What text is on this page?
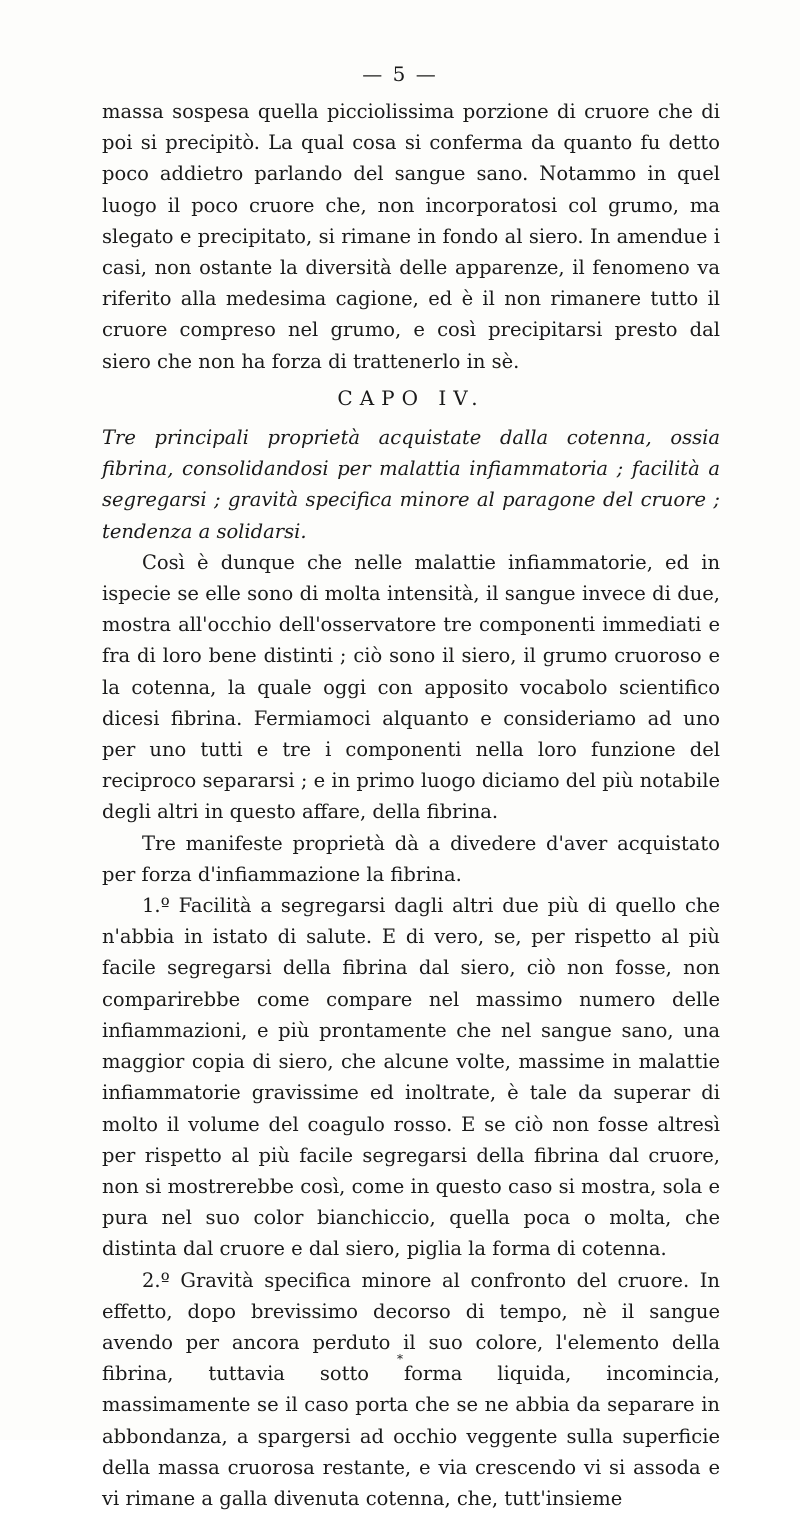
— 5 —

massa sospesa quella picciolissima porzione di cruore che di poi si precipitò. La qual cosa si conferma da quanto fu detto poco addietro parlando del sangue sano. Notammo in quel luogo il poco cruore che, non incorporatosi col grumo, ma slegato e precipitato, si rimane in fondo al siero. In amendue i casi, non ostante la diversità delle apparenze, il fenomeno va riferito alla medesima cagione, ed è il non rimanere tutto il cruore compreso nel grumo, e così precipitarsi presto dal siero che non ha forza di trattenerlo in sè.

CAPO IV.

Tre principali proprietà acquistate dalla cotenna, ossia fibrina, consolidandosi per malattia infiammatoria ; facilità a segregarsi ; gravità specifica minore al paragone del cruore ; tendenza a solidarsi.

Così è dunque che nelle malattie infiammatorie, ed in ispecie se elle sono di molta intensità, il sangue invece di due, mostra all'occhio dell'osservatore tre componenti immediati e fra di loro bene distinti ; ciò sono il siero, il grumo cruoroso e la cotenna, la quale oggi con apposito vocabolo scientifico dicesi fibrina. Fermiamoci alquanto e consideriamo ad uno per uno tutti e tre i componenti nella loro funzione del reciproco separarsi ; e in primo luogo diciamo del più notabile degli altri in questo affare, della fibrina.

Tre manifeste proprietà dà a divedere d'aver acquistato per forza d'infiammazione la fibrina.

1.º Facilità a segregarsi dagli altri due più di quello che n'abbia in istato di salute. E di vero, se, per rispetto al più facile segregarsi della fibrina dal siero, ciò non fosse, non comparirebbe come compare nel massimo numero delle infiammazioni, e più prontamente che nel sangue sano, una maggior copia di siero, che alcune volte, massime in malattie infiammatorie gravissime ed inoltrate, è tale da superar di molto il volume del coagulo rosso. E se ciò non fosse altresì per rispetto al più facile segregarsi della fibrina dal cruore, non si mostrerebbe così, come in questo caso si mostra, sola e pura nel suo color bianchiccio, quella poca o molta, che distinta dal cruore e dal siero, piglia la forma di cotenna.

2.º Gravità specifica minore al confronto del cruore. In effetto, dopo brevissimo decorso di tempo, nè il sangue avendo per ancora perduto il suo colore, l'elemento della fibrina, tuttavia sotto forma liquida, incomincia, massimamente se il caso porta che se ne abbia da separare in abbondanza, a spargersi ad occhio veggente sulla superficie della massa cruorosa restante, e via crescendo vi si assoda e vi rimane a galla divenuta cotenna, che, tutt'insieme

*
